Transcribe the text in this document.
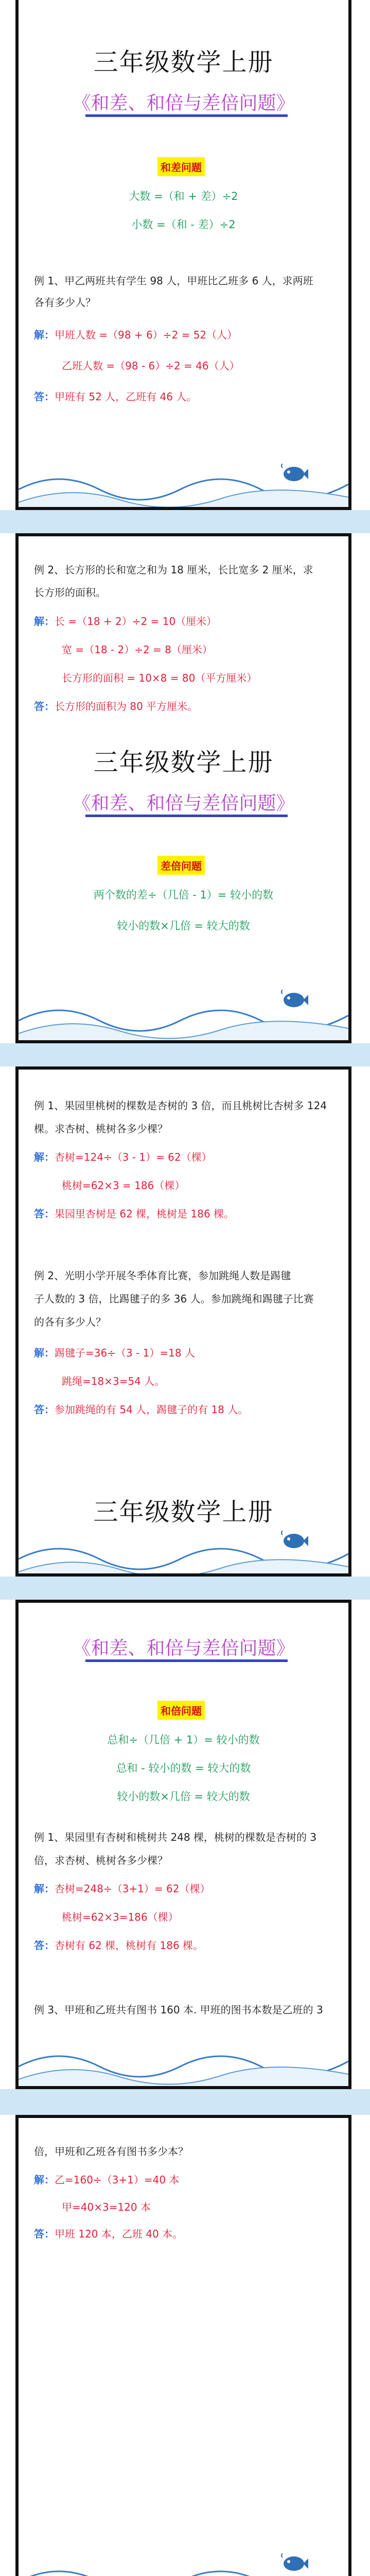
三年级数学上册
《和差、和倍与差倍问题》
和差问题
大数 =（和 + 差）÷2
小数 =（和 - 差）÷2
例 1、甲乙两班共有学生 98 人，甲班比乙班多 6 人，求两班
各有多少人？
解：甲班人数 =（98 + 6）÷2 = 52（人）
乙班人数 =（98 - 6）÷2 = 46（人）
答：甲班有 52 人，乙班有 46 人。
例 2、长方形的长和宽之和为 18 厘米，长比宽多 2 厘米，求
长方形的面积。
解：长 =（18 + 2）÷2 = 10（厘米）
宽 =（18 - 2）÷2 = 8（厘米）
长方形的面积 = 10×8 = 80（平方厘米）
答：长方形的面积为 80 平方厘米。
三年级数学上册
《和差、和倍与差倍问题》
差倍问题
两个数的差÷（几倍 - 1）= 较小的数
较小的数×几倍 = 较大的数
例 1、果园里桃树的棵数是杏树的 3 倍，而且桃树比杏树多 124
棵。求杏树、桃树各多少棵？
解：杏树=124÷（3 - 1）= 62（棵）
桃树=62×3 = 186（棵）
答：果园里杏树是 62 棵，桃树是 186 棵。
例 2、光明小学开展冬季体育比赛，参加跳绳人数是踢毽
子人数的 3 倍，比踢毽子的多 36 人。参加跳绳和踢毽子比赛
的各有多少人？
解：踢毽子=36÷（3 - 1）=18 人
跳绳=18×3=54 人。
答：参加跳绳的有 54 人，踢毽子的有 18 人。
三年级数学上册
《和差、和倍与差倍问题》
和倍问题
总和÷（几倍 + 1）= 较小的数
总和 - 较小的数 = 较大的数
较小的数×几倍 = 较大的数
例 1、果园里有杏树和桃树共 248 棵，桃树的棵数是杏树的 3
倍，求杏树、桃树各多少棵？
解：杏树=248÷（3+1）= 62（棵）
桃树=62×3=186（棵）
答：杏树有 62 棵，桃树有 186 棵。
例 3、甲班和乙班共有图书 160 本. 甲班的图书本数是乙班的 3
倍，甲班和乙班各有图书多少本？
解：乙=160÷（3+1）=40 本
甲=40×3=120 本
答：甲班 120 本，乙班 40 本。
